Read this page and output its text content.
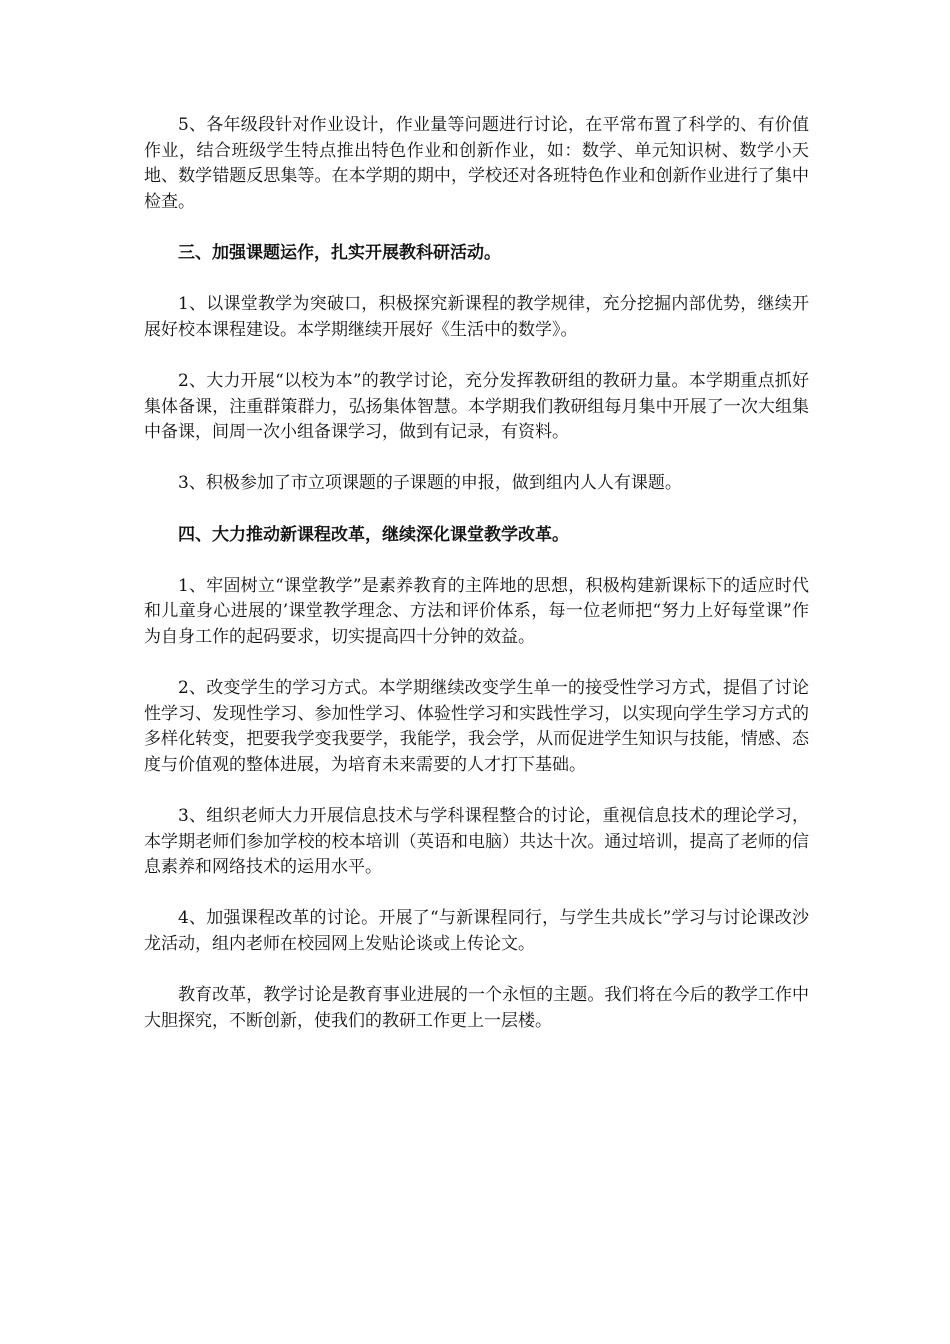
5、各年级段针对作业设计，作业量等问题进行讨论，在平常布置了科学的、有价值作业，结合班级学生特点推出特色作业和创新作业，如：数学、单元知识树、数学小天地、数学错题反思集等。在本学期的期中，学校还对各班特色作业和创新作业进行了集中检查。

三、加强课题运作，扎实开展教科研活动。

1、以课堂教学为突破口，积极探究新课程的教学规律，充分挖掘内部优势，继续开展好校本课程建设。本学期继续开展好《生活中的数学》。

2、大力开展“以校为本”的教学讨论，充分发挥教研组的教研力量。本学期重点抓好集体备课，注重群策群力，弘扬集体智慧。本学期我们教研组每月集中开展了一次大组集中备课，间周一次小组备课学习，做到有记录，有资料。

3、积极参加了市立项课题的子课题的申报，做到组内人人有课题。

四、大力推动新课程改革，继续深化课堂教学改革。

1、牢固树立“课堂教学”是素养教育的主阵地的思想，积极构建新课标下的适应时代和儿童身心进展的’课堂教学理念、方法和评价体系，每一位老师把“努力上好每堂课”作为自身工作的起码要求，切实提高四十分钟的效益。

2、改变学生的学习方式。本学期继续改变学生单一的接受性学习方式，提倡了讨论性学习、发现性学习、参加性学习、体验性学习和实践性学习，以实现向学生学习方式的多样化转变，把要我学变我要学，我能学，我会学，从而促进学生知识与技能，情感、态度与价值观的整体进展，为培育未来需要的人才打下基础。

3、组织老师大力开展信息技术与学科课程整合的讨论，重视信息技术的理论学习，本学期老师们参加学校的校本培训（英语和电脑）共达十次。通过培训，提高了老师的信息素养和网络技术的运用水平。

4、加强课程改革的讨论。开展了“与新课程同行，与学生共成长”学习与讨论课改沙龙活动，组内老师在校园网上发贴论谈或上传论文。

教育改革，教学讨论是教育事业进展的一个永恒的主题。我们将在今后的教学工作中大胆探究，不断创新，使我们的教研工作更上一层楼。
